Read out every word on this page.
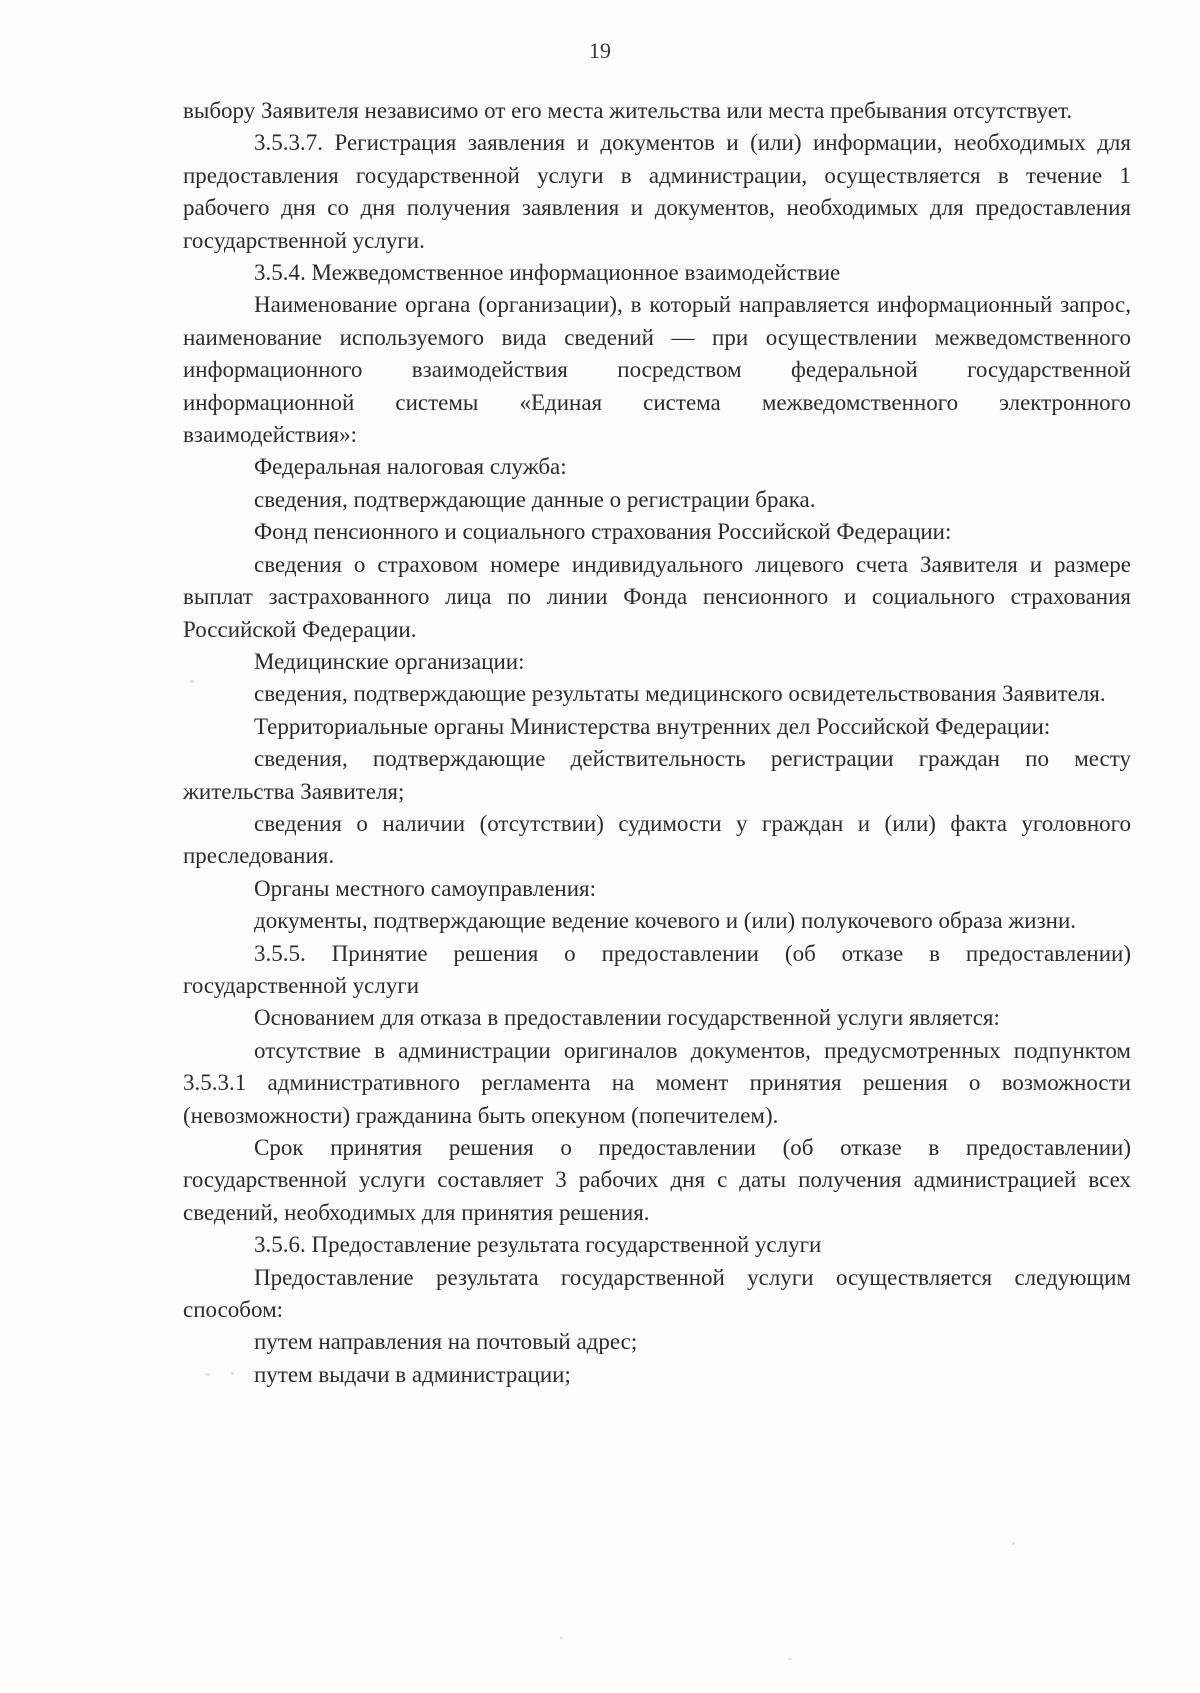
19

выбору Заявителя независимо от его места жительства или места пребывания отсутствует.

3.5.3.7. Регистрация заявления и документов и (или) информации, необходимых для предоставления государственной услуги в администрации, осуществляется в течение 1 рабочего дня со дня получения заявления и документов, необходимых для предоставления государственной услуги.

3.5.4. Межведомственное информационное взаимодействие

Наименование органа (организации), в который направляется информационный запрос, наименование используемого вида сведений — при осуществлении межведомственного информационного взаимодействия посредством федеральной государственной информационной системы «Единая система межведомственного электронного взаимодействия»:

Федеральная налоговая служба:

сведения, подтверждающие данные о регистрации брака.

Фонд пенсионного и социального страхования Российской Федерации:

сведения о страховом номере индивидуального лицевого счета Заявителя и размере выплат застрахованного лица по линии Фонда пенсионного и социального страхования Российской Федерации.

Медицинские организации:

сведения, подтверждающие результаты медицинского освидетельствования Заявителя.

Территориальные органы Министерства внутренних дел Российской Федерации:

сведения, подтверждающие действительность регистрации граждан по месту жительства Заявителя;

сведения о наличии (отсутствии) судимости у граждан и (или) факта уголовного преследования.

Органы местного самоуправления:

документы, подтверждающие ведение кочевого и (или) полукочевого образа жизни.

3.5.5. Принятие решения о предоставлении (об отказе в предоставлении) государственной услуги

Основанием для отказа в предоставлении государственной услуги является:

отсутствие в администрации оригиналов документов, предусмотренных подпунктом 3.5.3.1 административного регламента на момент принятия решения о возможности (невозможности) гражданина быть опекуном (попечителем).

Срок принятия решения о предоставлении (об отказе в предоставлении) государственной услуги составляет 3 рабочих дня с даты получения администрацией всех сведений, необходимых для принятия решения.

3.5.6. Предоставление результата государственной услуги

Предоставление результата государственной услуги осуществляется следующим способом:

путем направления на почтовый адрес;

путем выдачи в администрации;
